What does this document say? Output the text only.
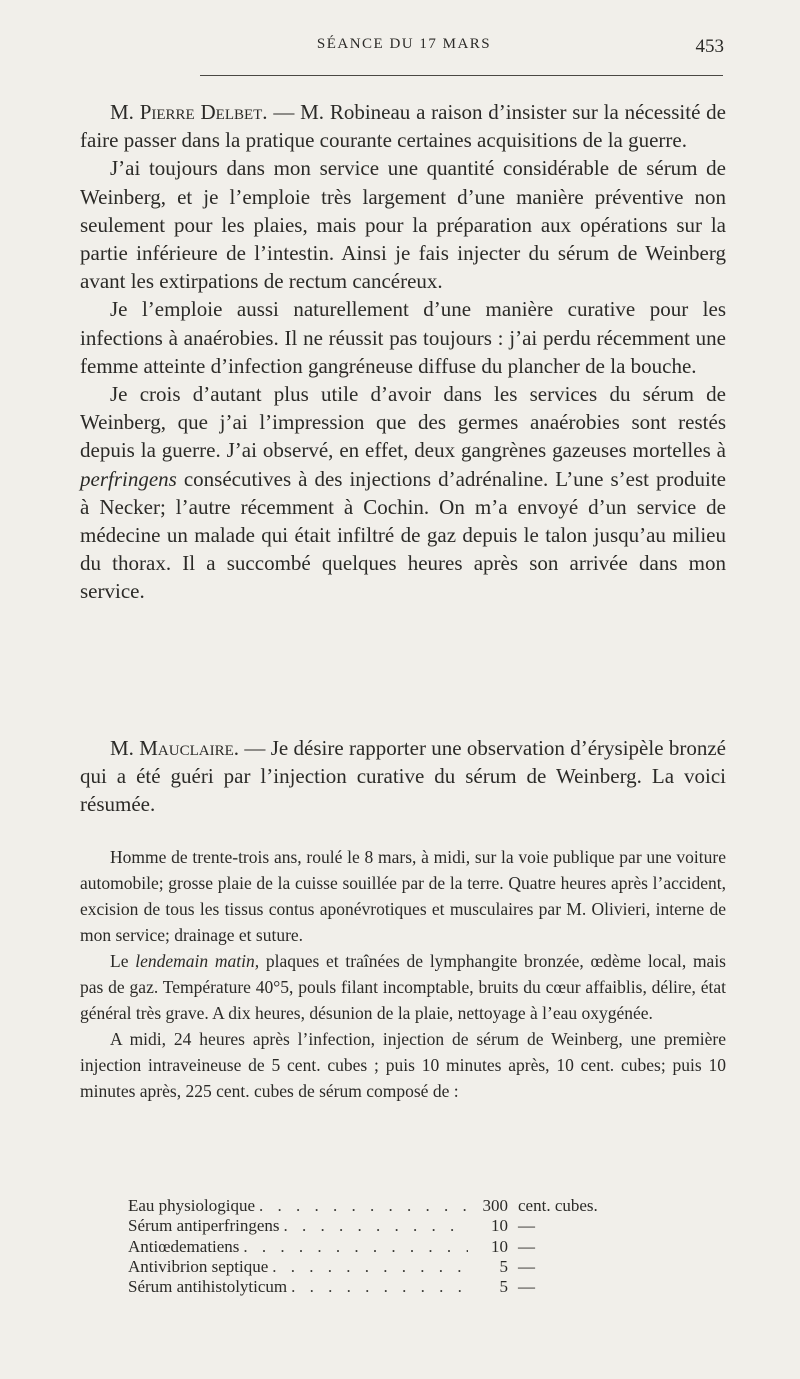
SÉANCE DU 17 MARS	453

M. Pierre Delbet. — M. Robineau a raison d’insister sur la nécessité de faire passer dans la pratique courante certaines acquisitions de la guerre.

J’ai toujours dans mon service une quantité considérable de sérum de Weinberg, et je l’emploie très largement d’une manière préventive non seulement pour les plaies, mais pour la préparation aux opérations sur la partie inférieure de l’intestin. Ainsi je fais injecter du sérum de Weinberg avant les extirpations de rectum cancéreux.

Je l’emploie aussi naturellement d’une manière curative pour les infections à anaérobies. Il ne réussit pas toujours : j’ai perdu récemment une femme atteinte d’infection gangréneuse diffuse du plancher de la bouche.

Je crois d’autant plus utile d’avoir dans les services du sérum de Weinberg, que j’ai l’impression que des germes anaérobies sont restés depuis la guerre. J’ai observé, en effet, deux gangrènes gazeuses mortelles à perfringens consécutives à des injections d’adrénaline. L’une s’est produite à Necker; l’autre récemment à Cochin. On m’a envoyé d’un service de médecine un malade qui était infiltré de gaz depuis le talon jusqu’au milieu du thorax. Il a succombé quelques heures après son arrivée dans mon service.

M. Mauclaire. — Je désire rapporter une observation d’érysipèle bronzé qui a été guéri par l’injection curative du sérum de Weinberg. La voici résumée.

Homme de trente-trois ans, roulé le 8 mars, à midi, sur la voie publique par une voiture automobile; grosse plaie de la cuisse souillée par de la terre. Quatre heures après l’accident, excision de tous les tissus contus aponévrotiques et musculaires par M. Olivieri, interne de mon service; drainage et suture.

Le lendemain matin, plaques et traînées de lymphangite bronzée, œdème local, mais pas de gaz. Température 40°5, pouls filant incomptable, bruits du cœur affaiblis, délire, état général très grave. A dix heures, désunion de la plaie, nettoyage à l’eau oxygénée.

A midi, 24 heures après l’infection, injection de sérum de Weinberg, une première injection intraveineuse de 5 cent. cubes ; puis 10 minutes après, 10 cent. cubes; puis 10 minutes après, 225 cent. cubes de sérum composé de :

Eau physiologique . . .	300 cent. cubes.
Sérum antiperfringens . . .	10 —
Antiœdematiens . . .	10 —
Antivibrion septique . . .	5 —
Sérum antihistolyticum . . .	5 —
